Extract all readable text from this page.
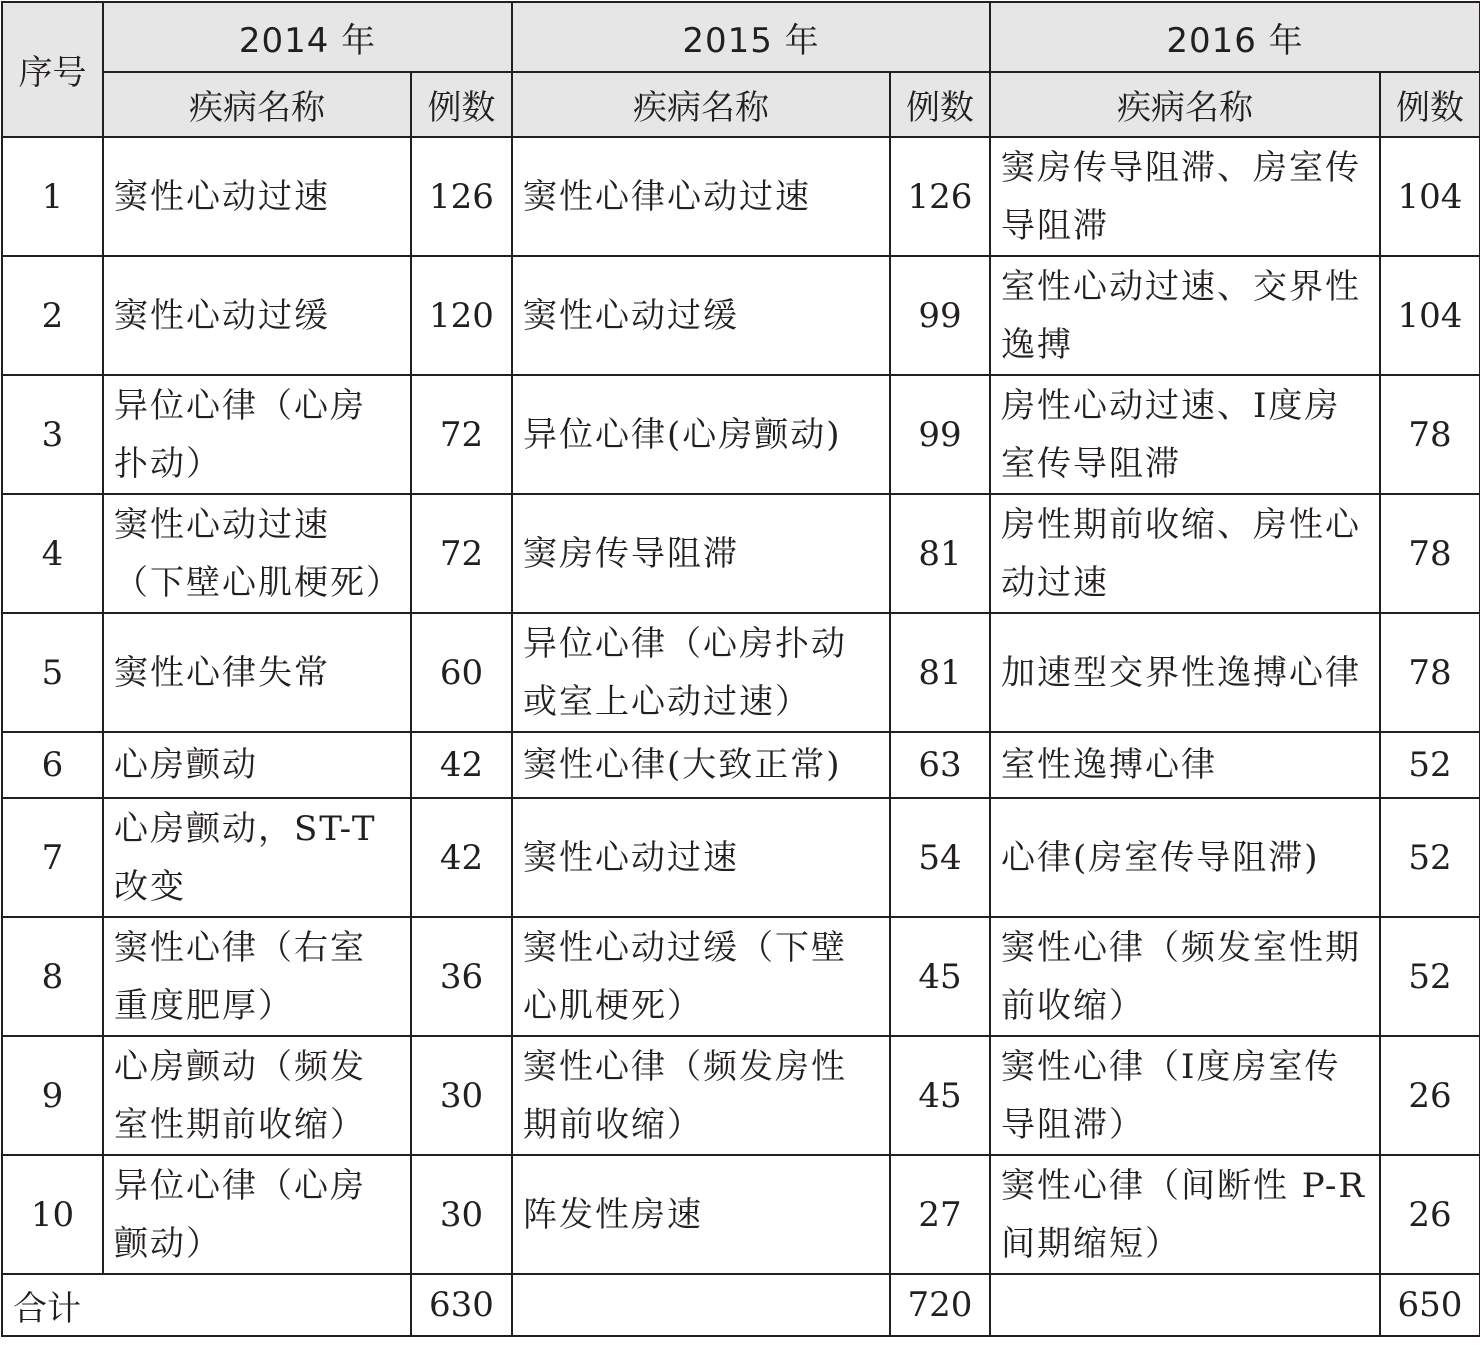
序号	2014 年		2015 年		2016 年	
	疾病名称	例数	疾病名称	例数	疾病名称	例数
1	窦性心动过速	126	窦性心律心动过速	126	窦房传导阻滞、房室传导阻滞	104
2	窦性心动过缓	120	窦性心动过缓	99	室性心动过速、交界性逸搏	104
3	异位心律（心房扑动）	72	异位心律(心房颤动)	99	房性心动过速、Ⅰ度房室传导阻滞	78
4	窦性心动过速（下壁心肌梗死）	72	窦房传导阻滞	81	房性期前收缩、房性心动过速	78
5	窦性心律失常	60	异位心律（心房扑动或室上心动过速）	81	加速型交界性逸搏心律	78
6	心房颤动	42	窦性心律(大致正常)	63	室性逸搏心律	52
7	心房颤动，ST-T 改变	42	窦性心动过速	54	心律(房室传导阻滞)	52
8	窦性心律（右室重度肥厚）	36	窦性心动过缓（下壁心肌梗死）	45	窦性心律（频发室性期前收缩）	52
9	心房颤动（频发室性期前收缩）	30	窦性心律（频发房性期前收缩）	45	窦性心律（Ⅰ度房室传导阻滞）	26
10	异位心律（心房颤动）	30	阵发性房速	27	窦性心律（间断性 P-R 间期缩短）	26
合计		630		720		650
